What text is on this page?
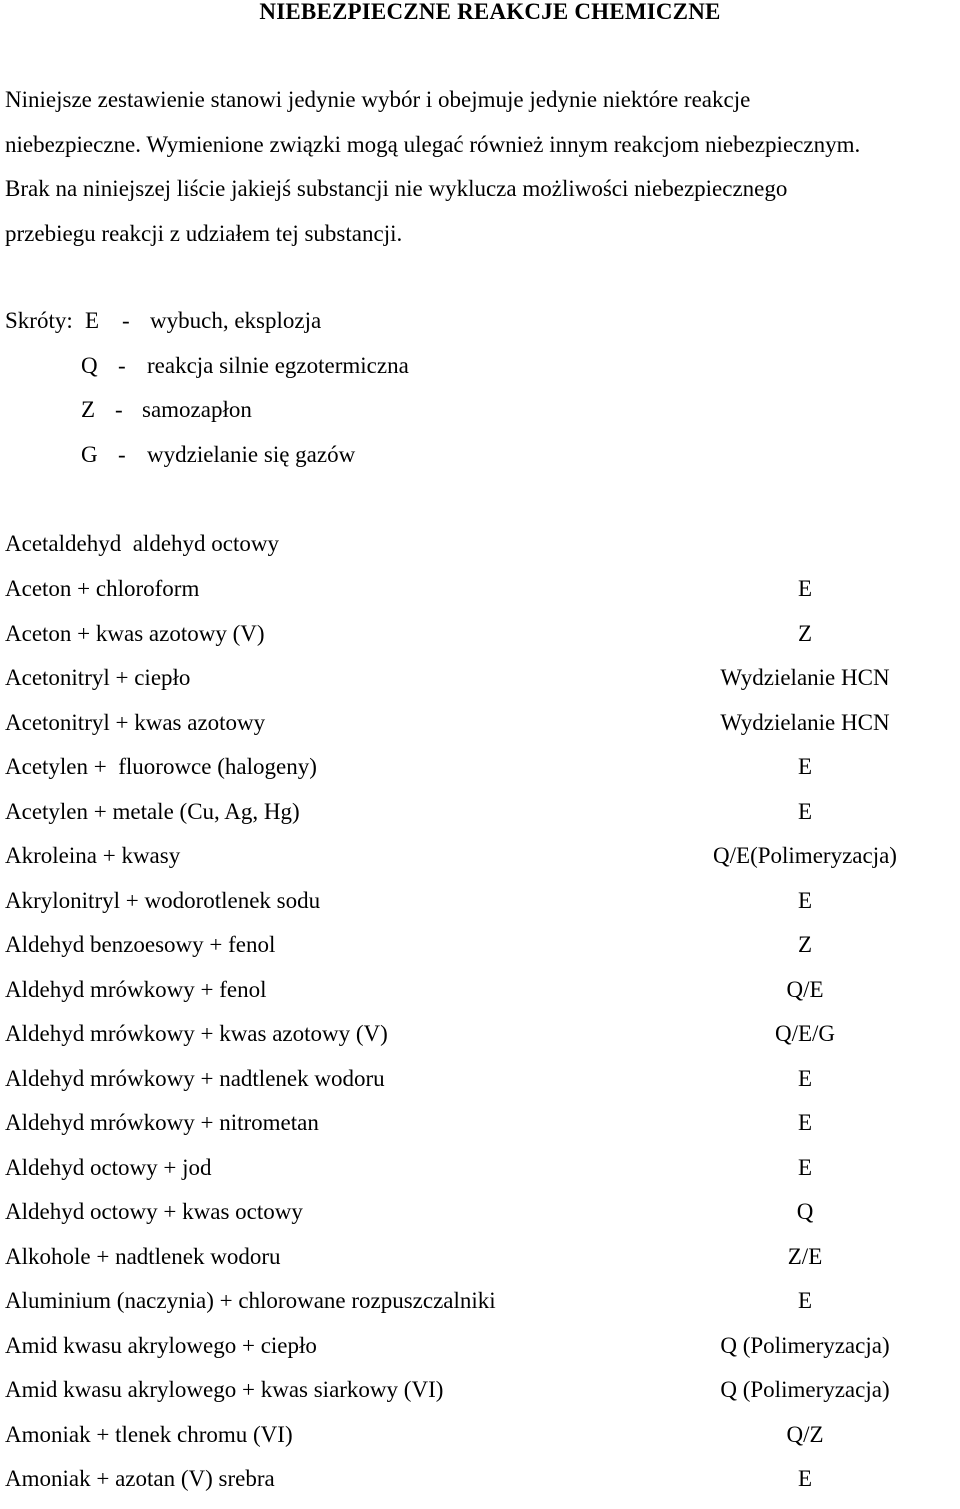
NIEBEZPIECZNE REAKCJE CHEMICZNE
Niniejsze zestawienie stanowi jedynie wybór i obejmuje jedynie niektóre reakcje
niebezpieczne. Wymienione związki mogą ulegać również innym reakcjom niebezpiecznym.
Brak na niniejszej liście jakiejś substancji nie wyklucza możliwości niebezpiecznego
przebiegu reakcji z udziałem tej substancji.
Skróty: E - wybuch, eksplozja
Q - reakcja silnie egzotermiczna
Z - samozapłon
G - wydzielanie się gazów
Acetaldehyd  aldehyd octowy
Aceton + chloroform	E
Aceton + kwas azotowy (V)	Z
Acetonitryl + ciepło	Wydzielanie HCN
Acetonitryl + kwas azotowy	Wydzielanie HCN
Acetylen +  fluorowce (halogeny)	E
Acetylen + metale (Cu, Ag, Hg)	E
Akroleina + kwasy	Q/E(Polimeryzacja)
Akrylonitryl + wodorotlenek sodu	E
Aldehyd benzoesowy + fenol	Z
Aldehyd mrówkowy + fenol	Q/E
Aldehyd mrówkowy + kwas azotowy (V)	Q/E/G
Aldehyd mrówkowy + nadtlenek wodoru	E
Aldehyd mrówkowy + nitrometan	E
Aldehyd octowy + jod	E
Aldehyd octowy + kwas octowy	Q
Alkohole + nadtlenek wodoru	Z/E
Aluminium (naczynia) + chlorowane rozpuszczalniki	E
Amid kwasu akrylowego + ciepło	Q (Polimeryzacja)
Amid kwasu akrylowego + kwas siarkowy (VI)	Q (Polimeryzacja)
Amoniak + tlenek chromu (VI)	Q/Z
Amoniak + azotan (V) srebra	E
